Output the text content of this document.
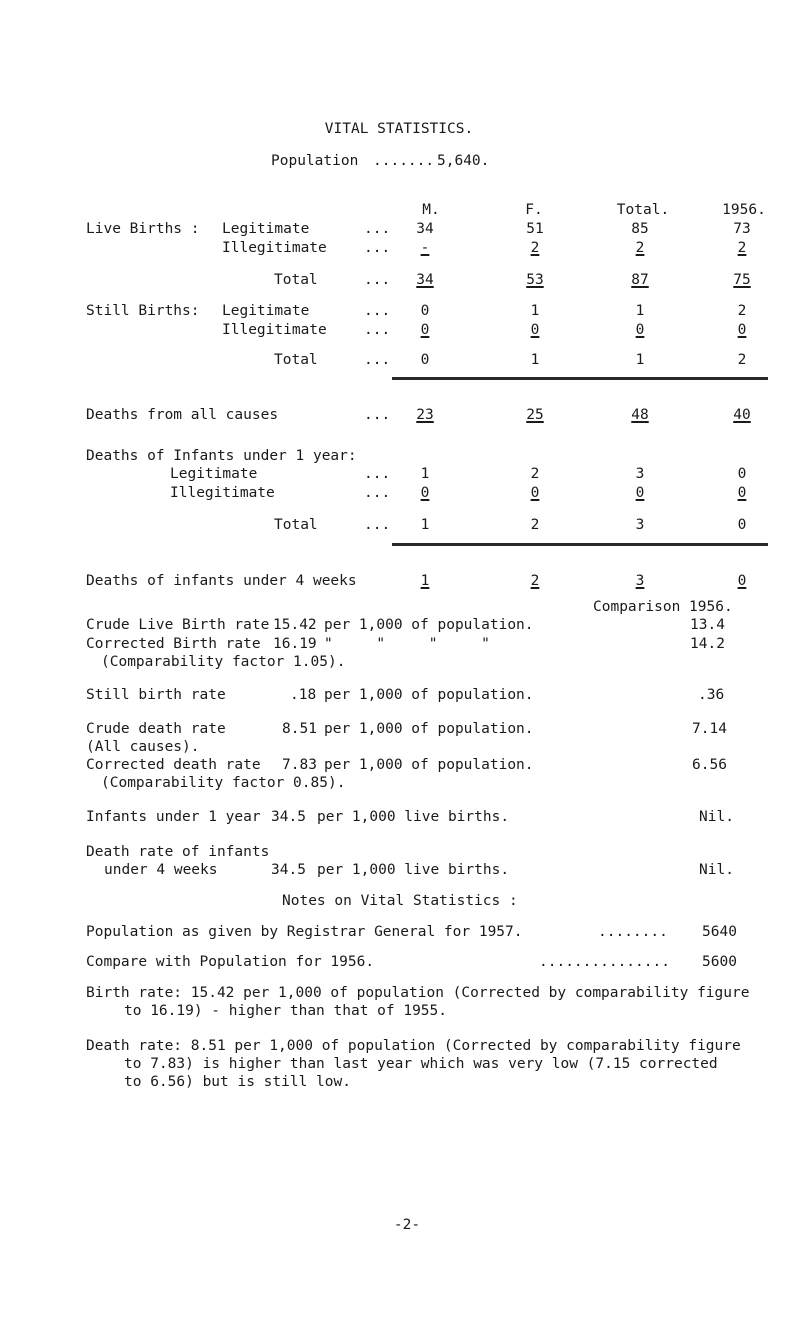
VITAL STATISTICS.
Population ....... 5,640.
M.	F.	Total.	1956.
Live Births : Legitimate	... 34	51	85	73
Illegitimate	... -	2	2	2
Total	... 34	53	87	75
Still Births: Legitimate	... 0	1	1	2
Illegitimate	... 0	0	0	0
Total	... 0	1	1	2
Deaths from all causes	... 23	25	48	40
Deaths of Infants under 1 year:
Legitimate	... 1	2	3	0
Illegitimate	... 0	0	0	0
Total	... 1	2	3	0
Deaths of infants under 4 weeks	1	2	3	0
Comparison 1956.
Crude Live Birth rate 15.42 per 1,000 of population.	13.4
Corrected Birth rate 16.19 "     "     "     "	14.2
(Comparability factor 1.05).
Still birth rate	.18 per 1,000 of population.	.36
Crude death rate	8.51 per 1,000 of population.	7.14
(All causes).
Corrected death rate 7.83 per 1,000 of population.	6.56
(Comparability factor 0.85).
Infants under 1 year 34.5 per 1,000 live births.	Nil.
Death rate of infants
under 4 weeks	34.5 per 1,000 live births.	Nil.
Notes on Vital Statistics :
Population as given by Registrar General for 1957.	........ 5640
Compare with Population for 1956.	............... 5600
Birth rate: 15.42 per 1,000 of population (Corrected by comparability figure
to 16.19) - higher than that of 1955.
Death rate: 8.51 per 1,000 of population (Corrected by comparability figure
to 7.83) is higher than last year which was very low (7.15 corrected
to 6.56) but is still low.
-2-
